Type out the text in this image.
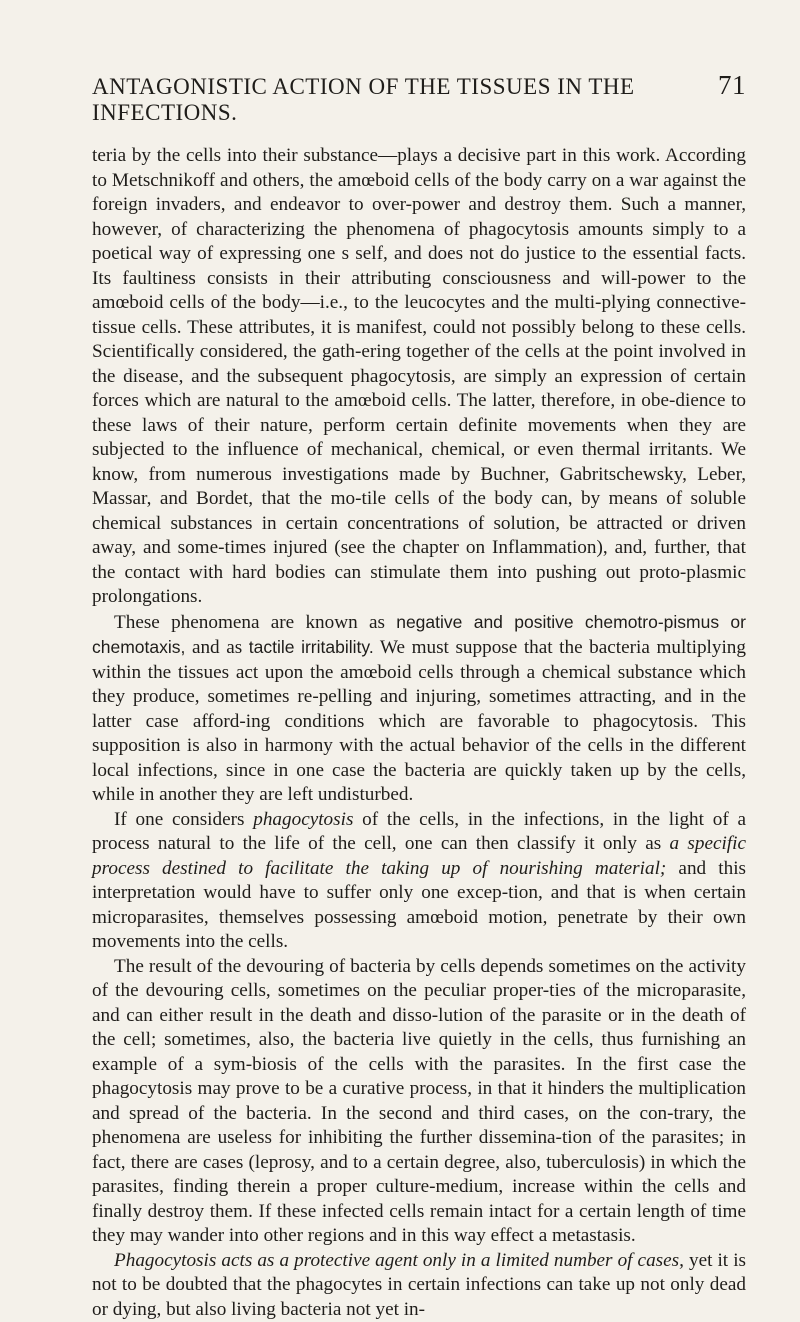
ANTAGONISTIC ACTION OF THE TISSUES IN THE INFECTIONS.
71

teria by the cells into their substance—plays a decisive part in this work. According to Metschnikoff and others, the amœboid cells of the body carry on a war against the foreign invaders, and endeavor to over-power and destroy them. Such a manner, however, of characterizing the phenomena of phagocytosis amounts simply to a poetical way of expressing one s self, and does not do justice to the essential facts. Its faultiness consists in their attributing consciousness and will-power to the amœboid cells of the body—i.e., to the leucocytes and the multi-plying connective-tissue cells. These attributes, it is manifest, could not possibly belong to these cells. Scientifically considered, the gath-ering together of the cells at the point involved in the disease, and the subsequent phagocytosis, are simply an expression of certain forces which are natural to the amœboid cells. The latter, therefore, in obe-dience to these laws of their nature, perform certain definite movements when they are subjected to the influence of mechanical, chemical, or even thermal irritants. We know, from numerous investigations made by Buchner, Gabritschewsky, Leber, Massar, and Bordet, that the mo-tile cells of the body can, by means of soluble chemical substances in certain concentrations of solution, be attracted or driven away, and some-times injured (see the chapter on Inflammation), and, further, that the contact with hard bodies can stimulate them into pushing out proto-plasmic prolongations.

These phenomena are known as negative and positive chemotro-pismus or chemotaxis, and as tactile irritability. We must suppose that the bacteria multiplying within the tissues act upon the amœboid cells through a chemical substance which they produce, sometimes re-pelling and injuring, sometimes attracting, and in the latter case afford-ing conditions which are favorable to phagocytosis. This supposition is also in harmony with the actual behavior of the cells in the different local infections, since in one case the bacteria are quickly taken up by the cells, while in another they are left undisturbed.

If one considers phagocytosis of the cells, in the infections, in the light of a process natural to the life of the cell, one can then classify it only as a specific process destined to facilitate the taking up of nourishing material; and this interpretation would have to suffer only one excep-tion, and that is when certain microparasites, themselves possessing amœboid motion, penetrate by their own movements into the cells.

The result of the devouring of bacteria by cells depends sometimes on the activity of the devouring cells, sometimes on the peculiar proper-ties of the microparasite, and can either result in the death and disso-lution of the parasite or in the death of the cell; sometimes, also, the bacteria live quietly in the cells, thus furnishing an example of a sym-biosis of the cells with the parasites. In the first case the phagocytosis may prove to be a curative process, in that it hinders the multiplication and spread of the bacteria. In the second and third cases, on the con-trary, the phenomena are useless for inhibiting the further dissemina-tion of the parasites; in fact, there are cases (leprosy, and to a certain degree, also, tuberculosis) in which the parasites, finding therein a proper culture-medium, increase within the cells and finally destroy them. If these infected cells remain intact for a certain length of time they may wander into other regions and in this way effect a metastasis.

Phagocytosis acts as a protective agent only in a limited number of cases, yet it is not to be doubted that the phagocytes in certain infections can take up not only dead or dying, but also living bacteria not yet in-
